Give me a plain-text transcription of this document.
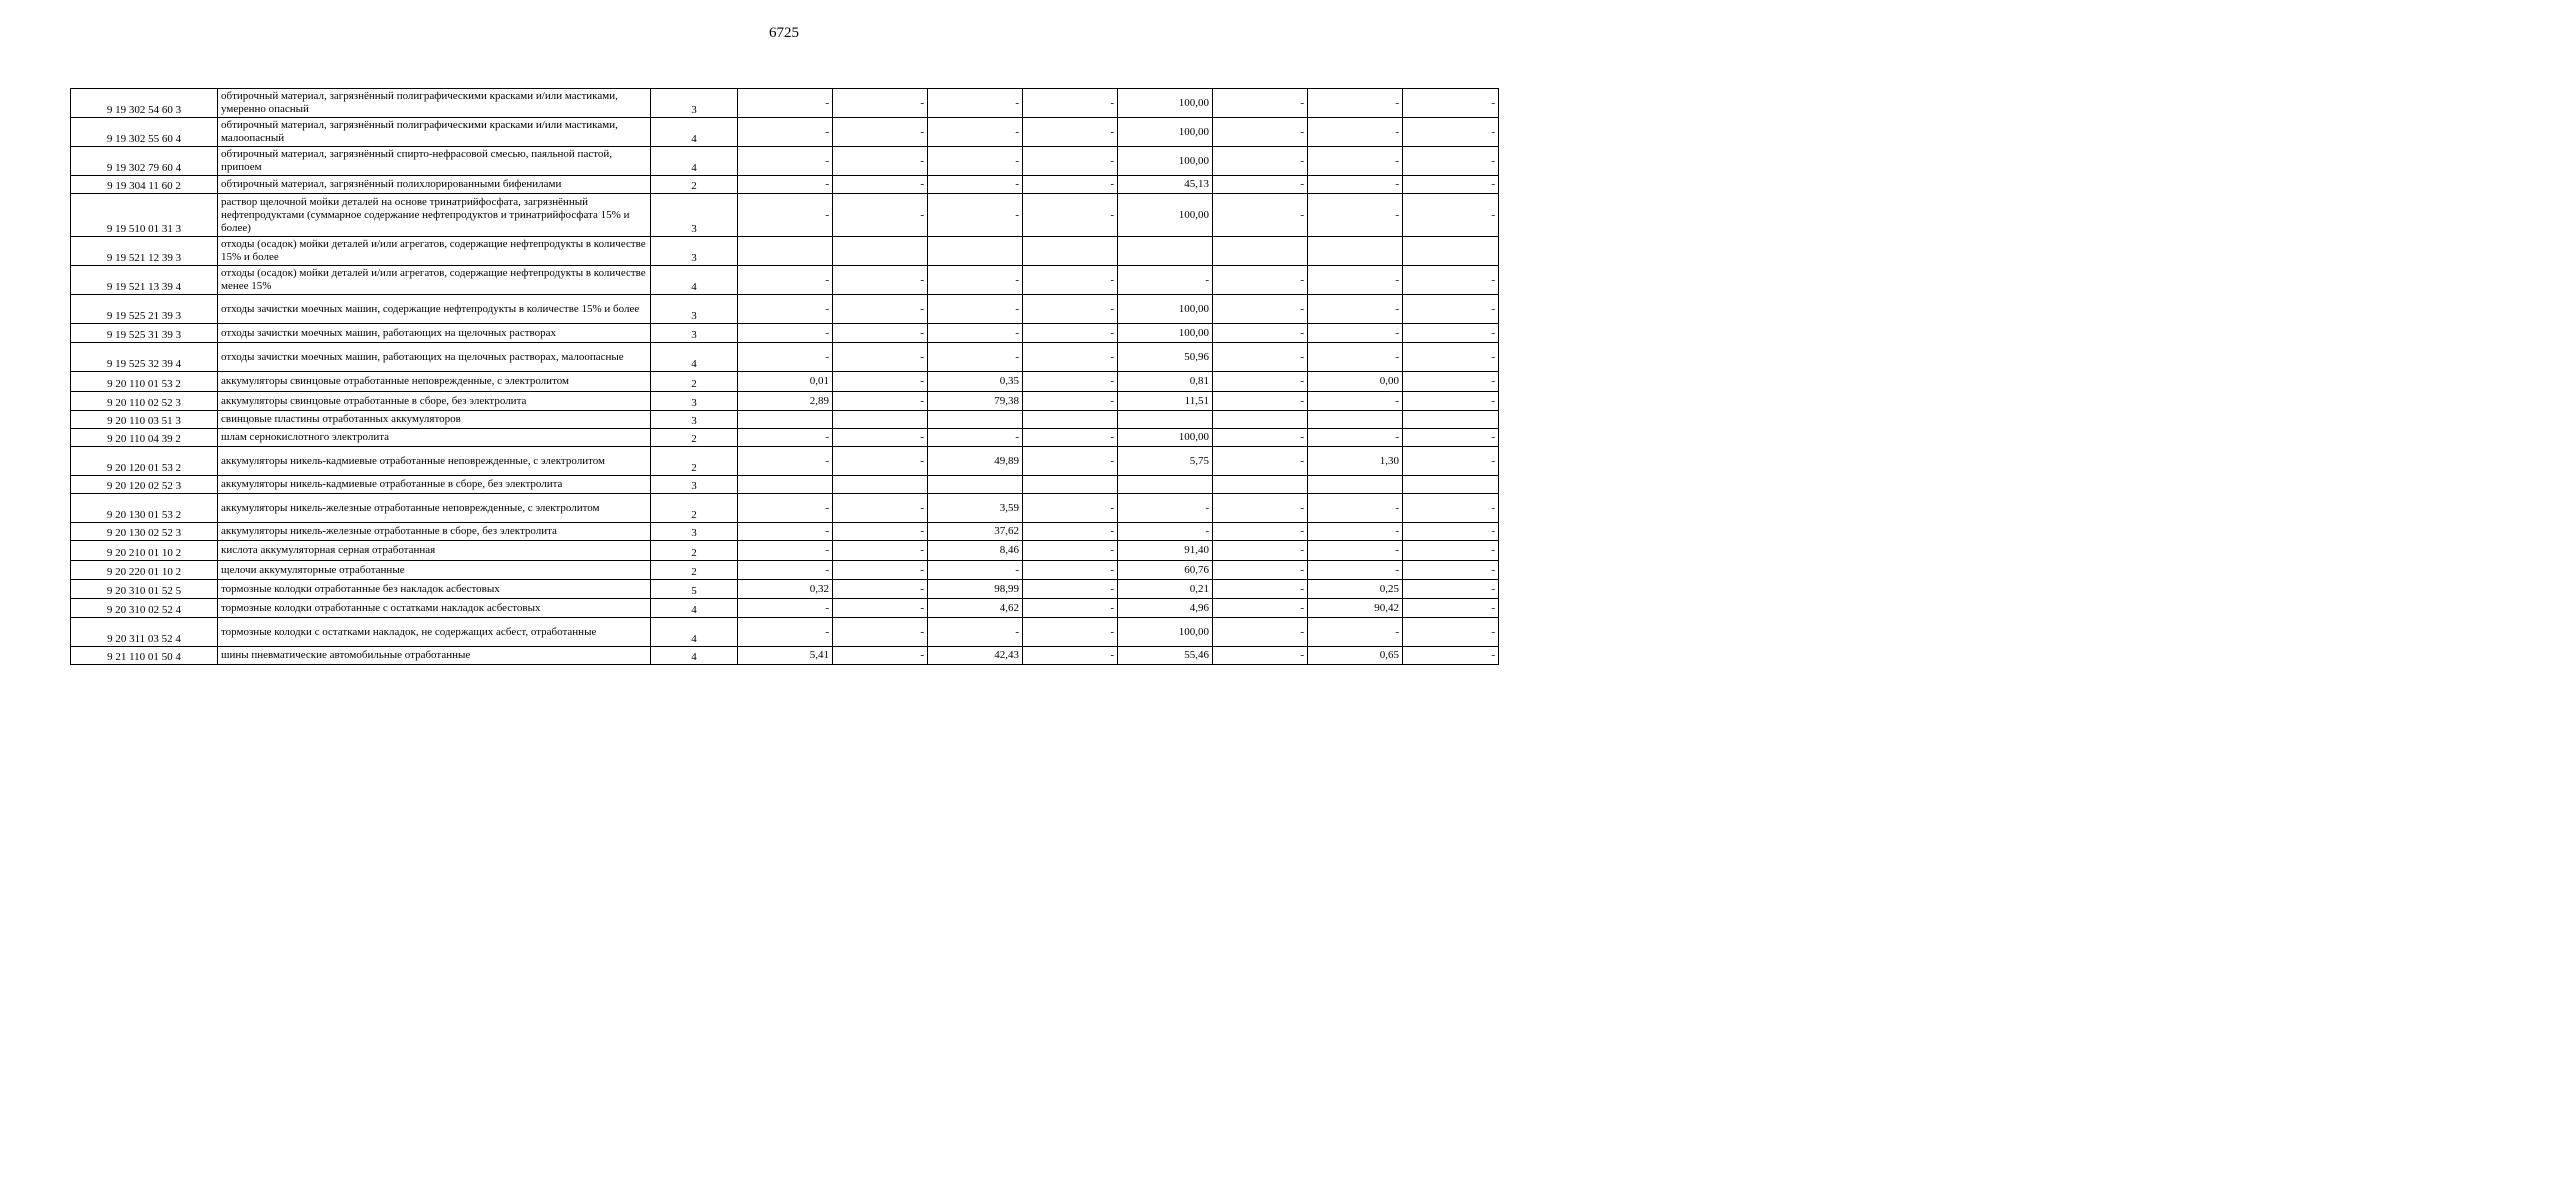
6725
9 19 302 54 60 3	обтирочный материал, загрязнённый полиграфическими красками и/или мастиками, умеренно опасный	3	-	-	-	-	100,00	-	-	-
9 19 302 55 60 4	обтирочный материал, загрязнённый полиграфическими красками и/или мастиками, малоопасный	4	-	-	-	-	100,00	-	-	-
9 19 302 79 60 4	обтирочный материал, загрязнённый спирто-нефрасовой смесью, паяльной пастой, припоем	4	-	-	-	-	100,00	-	-	-
9 19 304 11 60 2	обтирочный материал, загрязнённый полихлорированными бифенилами	2	-	-	-	-	45,13	-	-	-
9 19 510 01 31 3	раствор щелочной мойки деталей на основе тринатрийфосфата, загрязнённый нефтепродуктами (суммарное содержание нефтепродуктов и тринатрийфосфата 15% и более)	3	-	-	-	-	100,00	-	-	-
9 19 521 12 39 3	отходы (осадок) мойки деталей и/или агрегатов, содержащие нефтепродукты в количестве 15% и более	3								
9 19 521 13 39 4	отходы (осадок) мойки деталей и/или агрегатов, содержащие нефтепродукты в количестве менее 15%	4	-	-	-	-	-	-	-	-
9 19 525 21 39 3	отходы зачистки моечных машин, содержащие нефтепродукты в количестве 15% и более	3	-	-	-	-	100,00	-	-	-
9 19 525 31 39 3	отходы зачистки моечных машин, работающих на щелочных растворах	3	-	-	-	-	100,00	-	-	-
9 19 525 32 39 4	отходы зачистки моечных машин, работающих на щелочных растворах, малоопасные	4	-	-	-	-	50,96	-	-	-
9 20 110 01 53 2	аккумуляторы свинцовые отработанные неповрежденные, с электролитом	2	0,01	-	0,35	-	0,81	-	0,00	-
9 20 110 02 52 3	аккумуляторы свинцовые отработанные в сборе, без электролита	3	2,89	-	79,38	-	11,51	-	-	-
9 20 110 03 51 3	свинцовые пластины отработанных аккумуляторов	3								
9 20 110 04 39 2	шлам сернокислотного электролита	2	-	-	-	-	100,00	-	-	-
9 20 120 01 53 2	аккумуляторы никель-кадмиевые отработанные неповрежденные, с электролитом	2	-	-	49,89	-	5,75	-	1,30	-
9 20 120 02 52 3	аккумуляторы никель-кадмиевые отработанные в сборе, без электролита	3								
9 20 130 01 53 2	аккумуляторы никель-железные отработанные неповрежденные, с электролитом	2	-	-	3,59	-	-	-	-	-
9 20 130 02 52 3	аккумуляторы никель-железные отработанные в сборе, без электролита	3	-	-	37,62	-	-	-	-	-
9 20 210 01 10 2	кислота аккумуляторная серная отработанная	2	-	-	8,46	-	91,40	-	-	-
9 20 220 01 10 2	щелочи аккумуляторные отработанные	2	-	-	-	-	60,76	-	-	-
9 20 310 01 52 5	тормозные колодки отработанные без накладок асбестовых	5	0,32	-	98,99	-	0,21	-	0,25	-
9 20 310 02 52 4	тормозные колодки отработанные с остатками накладок асбестовых	4	-	-	4,62	-	4,96	-	90,42	-
9 20 311 03 52 4	тормозные колодки с остатками накладок, не содержащих асбест, отработанные	4	-	-	-	-	100,00	-	-	-
9 21 110 01 50 4	шины пневматические автомобильные отработанные	4	5,41	-	42,43	-	55,46	-	0,65	-
